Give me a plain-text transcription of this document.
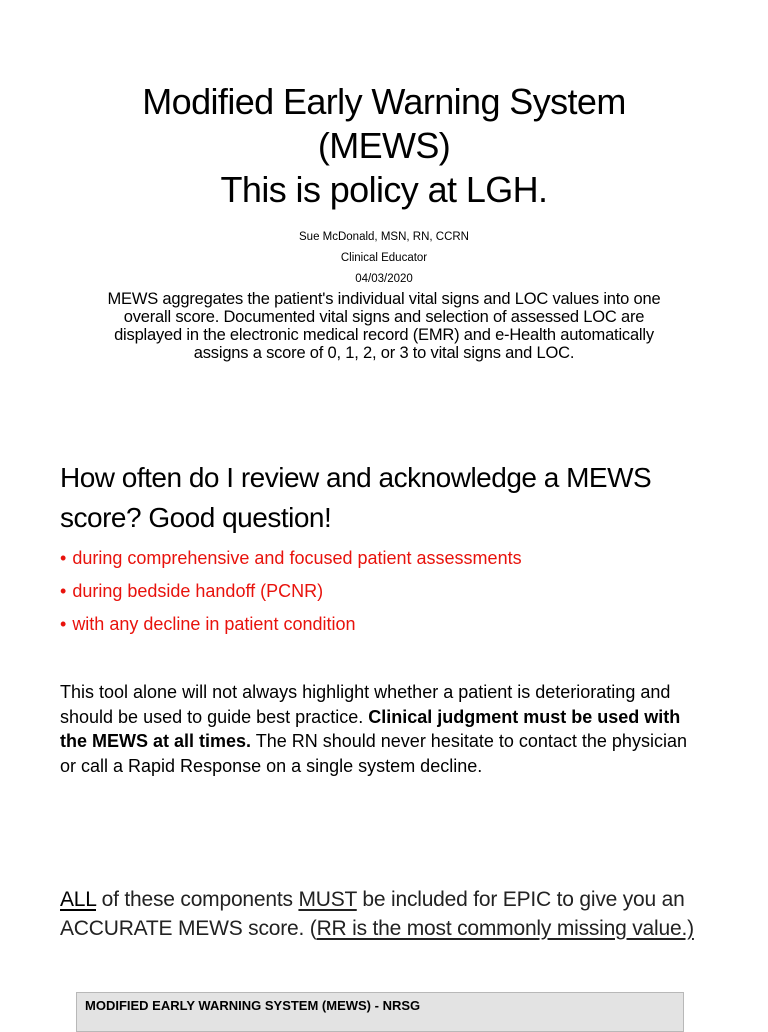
Modified Early Warning System
(MEWS)
This is policy at LGH.
Sue McDonald, MSN, RN, CCRN
Clinical Educator
04/03/2020
MEWS aggregates the patient's individual vital signs and LOC values into one overall score. Documented vital signs and selection of assessed LOC are displayed in the electronic medical record (EMR) and e-Health automatically assigns a score of 0, 1, 2, or 3 to vital signs and LOC.
How often do I review and acknowledge a MEWS score? Good question!
• during comprehensive and focused patient assessments
• during bedside handoff (PCNR)
• with any decline in patient condition
This tool alone will not always highlight whether a patient is deteriorating and should be used to guide best practice. Clinical judgment must be used with the MEWS at all times. The RN should never hesitate to contact the physician or call a Rapid Response on a single system decline.
ALL of these components MUST be included for EPIC to give you an ACCURATE MEWS score. (RR is the most commonly missing value.)
MODIFIED EARLY WARNING SYSTEM (MEWS) - NRSG
